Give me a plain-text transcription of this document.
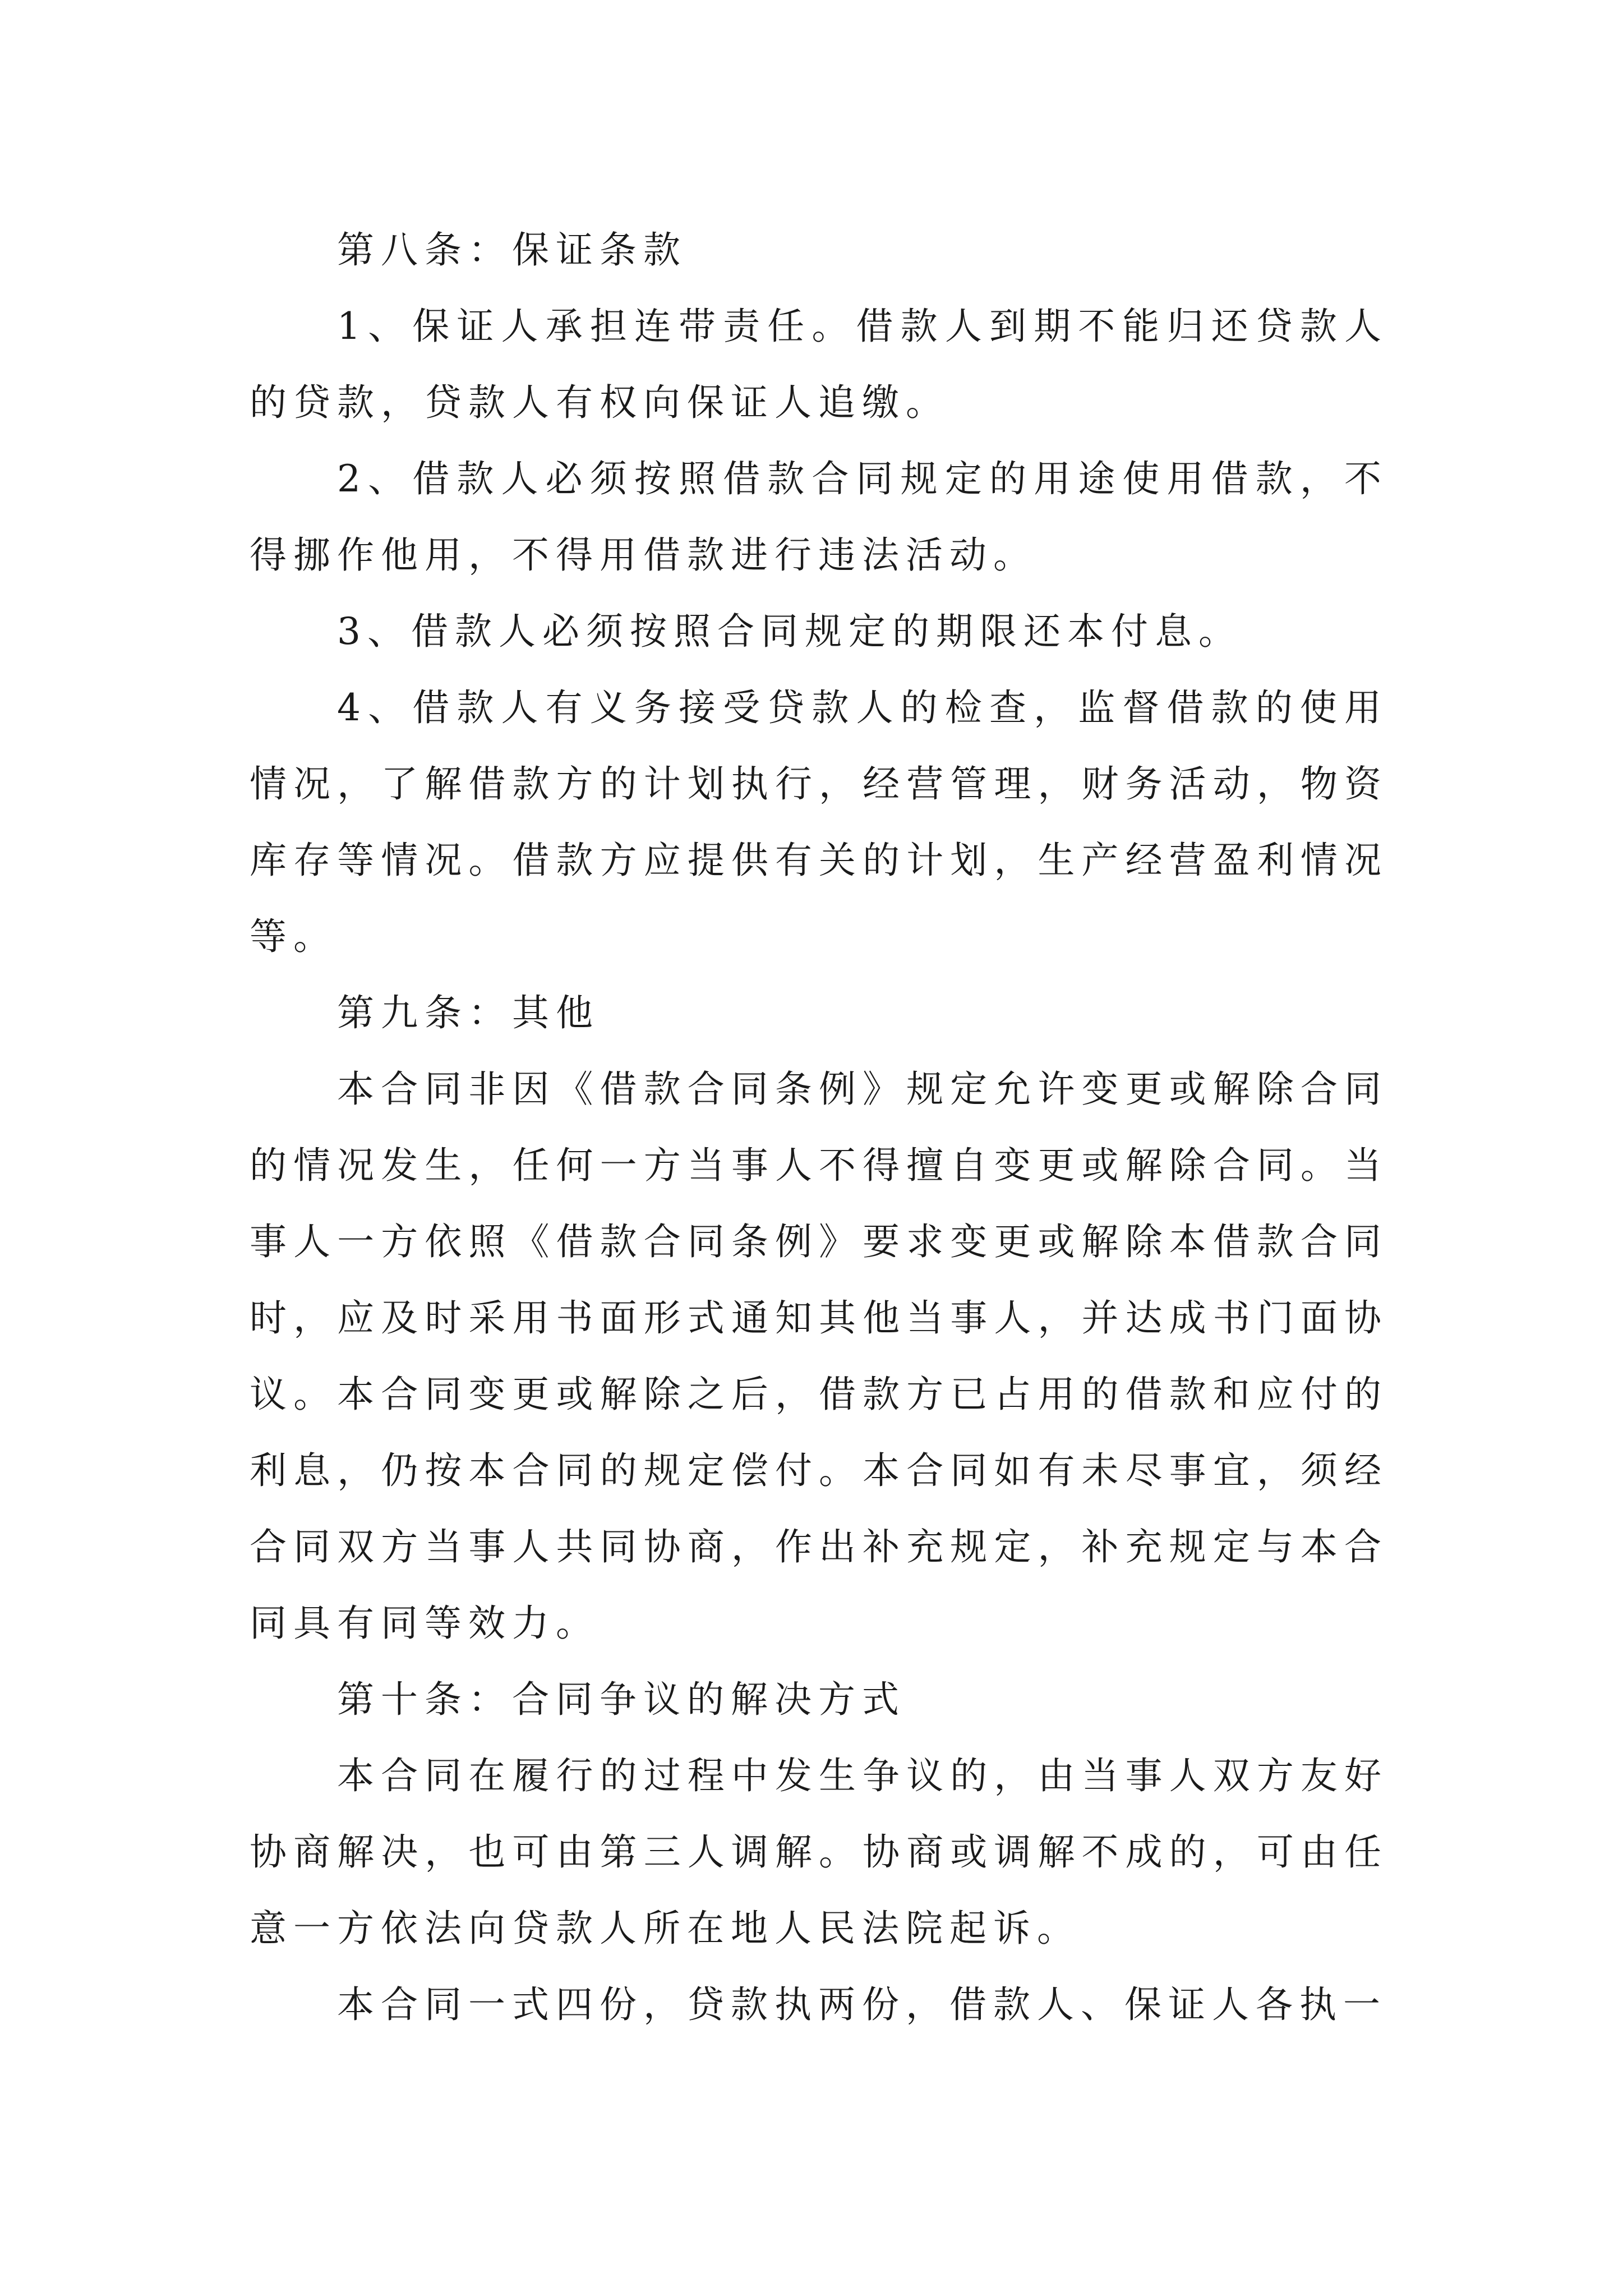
第八条：保证条款

1、保证人承担连带责任。借款人到期不能归还贷款人的贷款，贷款人有权向保证人追缴。

2、借款人必须按照借款合同规定的用途使用借款，不得挪作他用，不得用借款进行违法活动。

3、借款人必须按照合同规定的期限还本付息。

4、借款人有义务接受贷款人的检查，监督借款的使用情况，了解借款方的计划执行，经营管理，财务活动，物资库存等情况。借款方应提供有关的计划，生产经营盈利情况等。

第九条：其他

本合同非因《借款合同条例》规定允许变更或解除合同的情况发生，任何一方当事人不得擅自变更或解除合同。当事人一方依照《借款合同条例》要求变更或解除本借款合同时，应及时采用书面形式通知其他当事人，并达成书门面协议。本合同变更或解除之后，借款方已占用的借款和应付的利息，仍按本合同的规定偿付。本合同如有未尽事宜，须经合同双方当事人共同协商，作出补充规定，补充规定与本合同具有同等效力。

第十条：合同争议的解决方式

本合同在履行的过程中发生争议的，由当事人双方友好协商解决，也可由第三人调解。协商或调解不成的，可由任意一方依法向贷款人所在地人民法院起诉。

本合同一式四份，贷款执两份，借款人、保证人各执一
